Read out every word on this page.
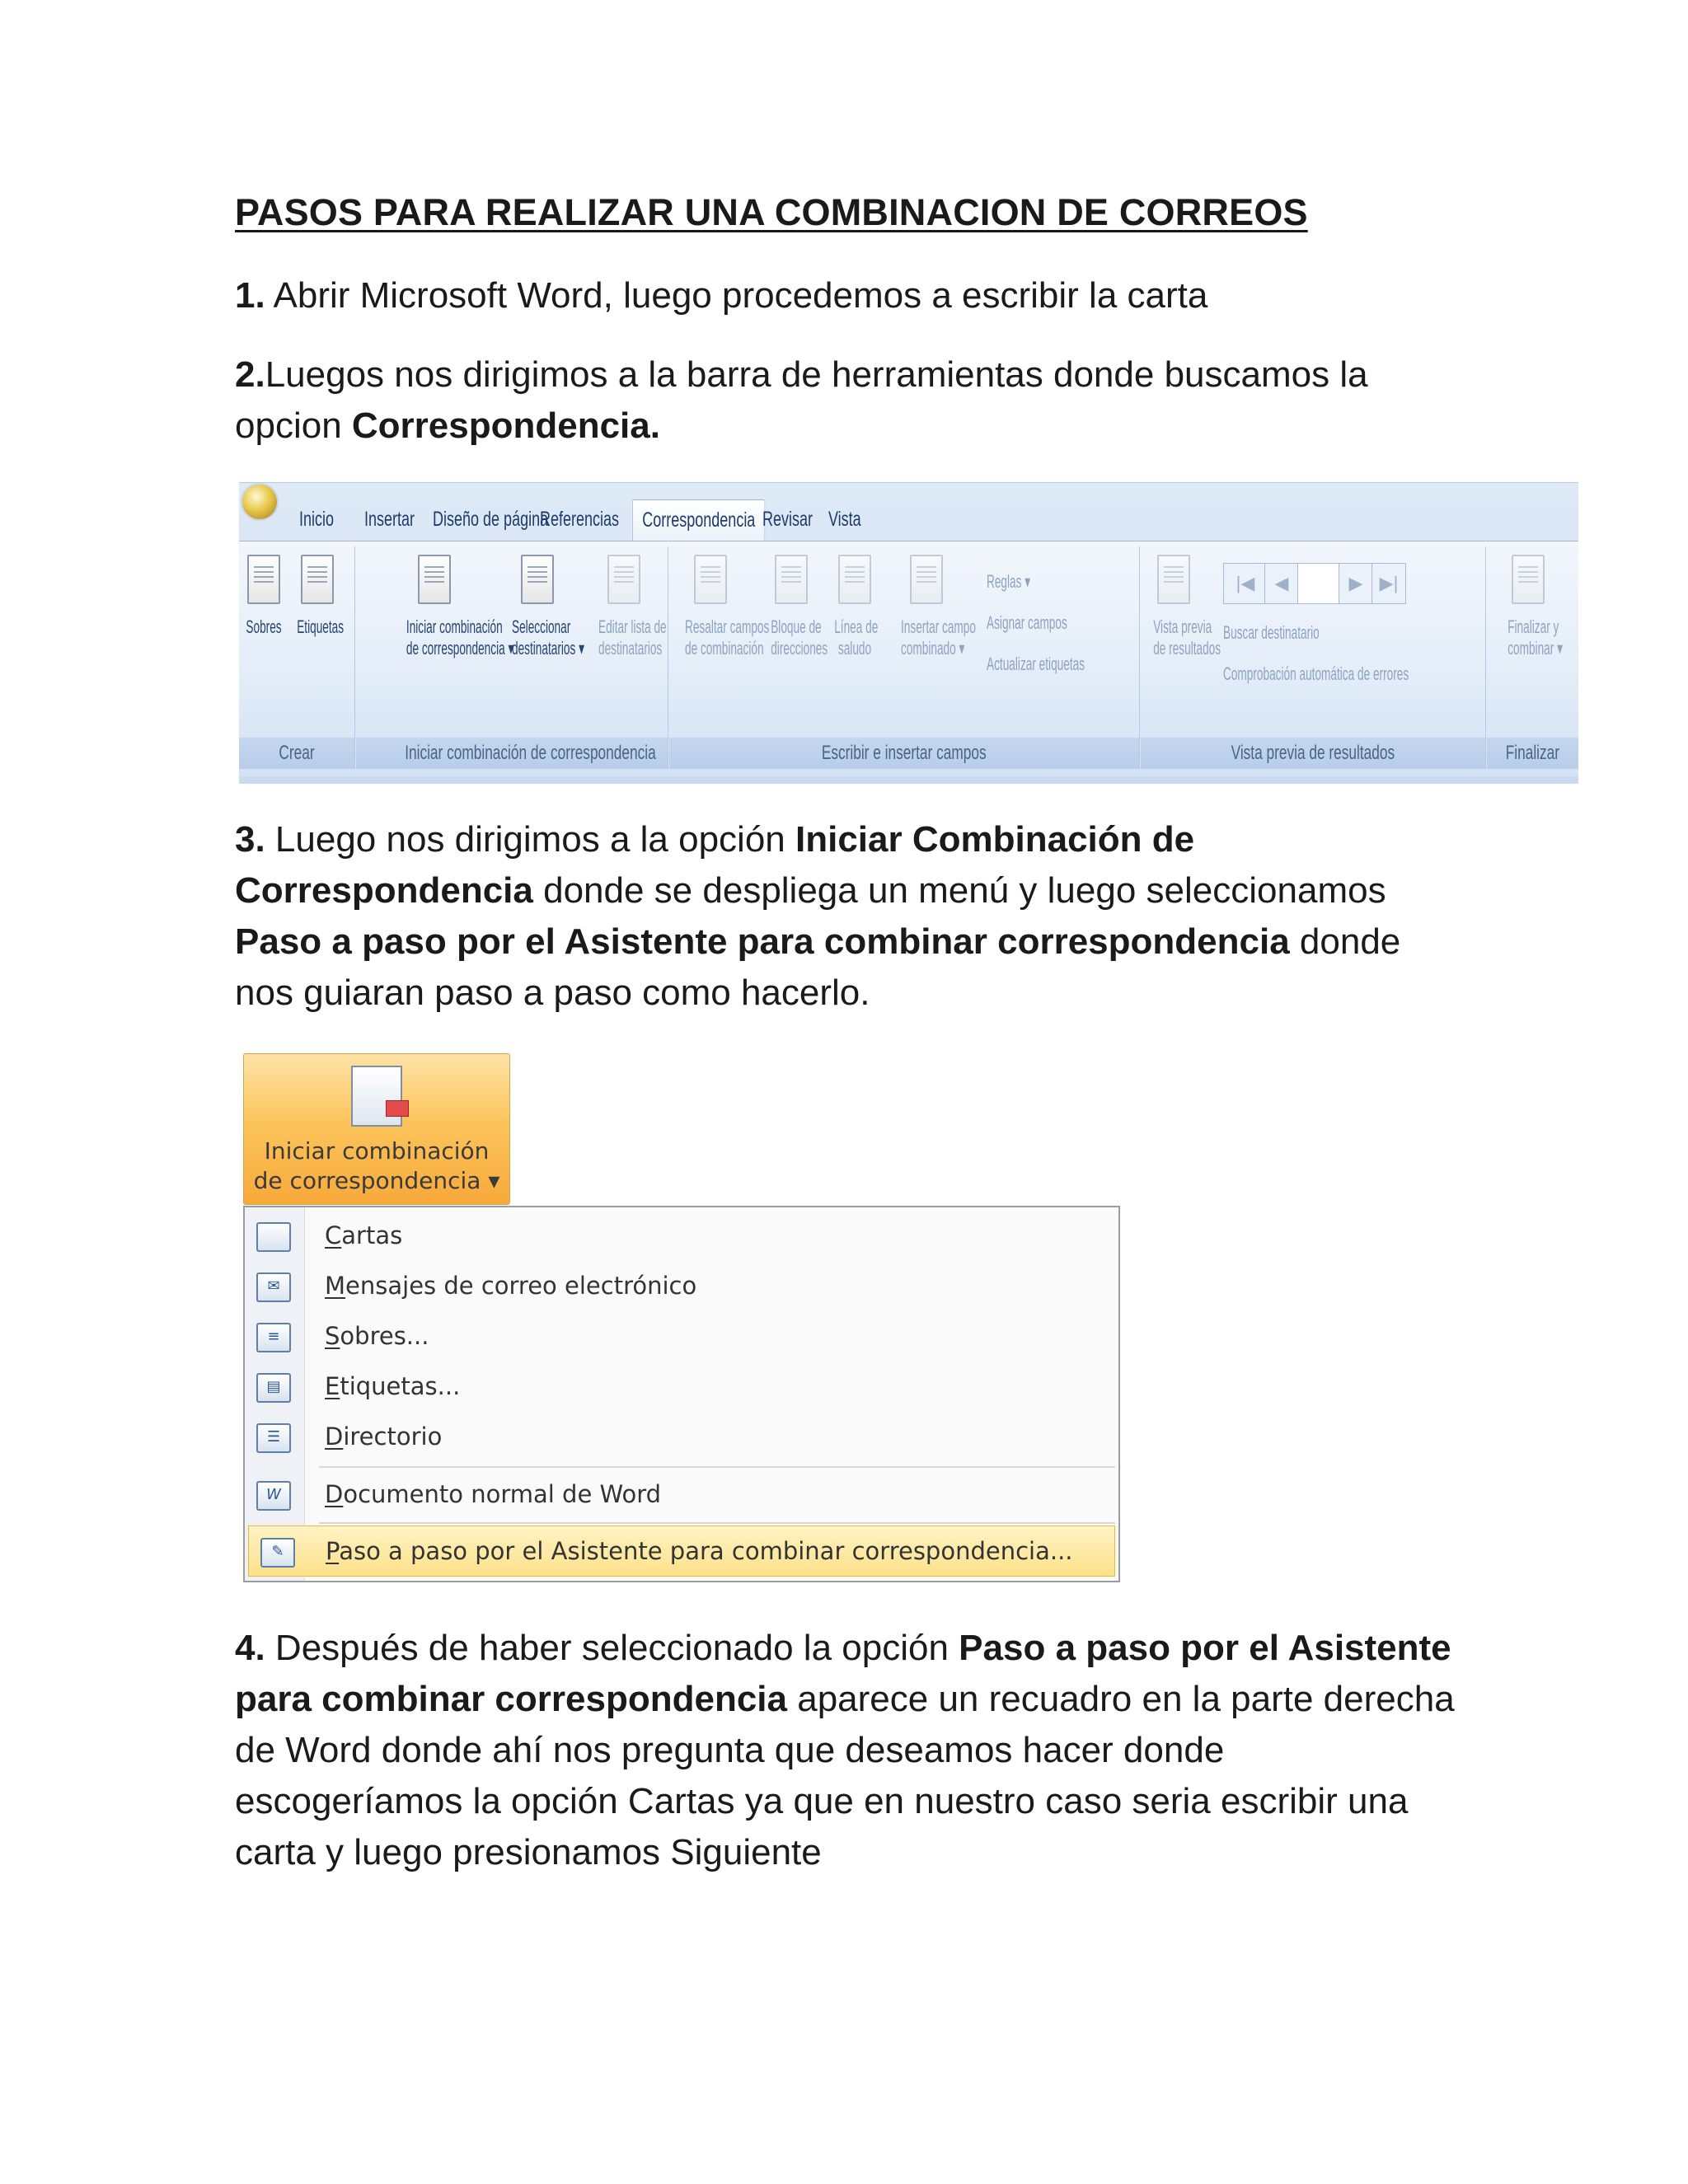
PASOS PARA REALIZAR UNA COMBINACION DE CORREOS

1. Abrir Microsoft Word, luego procedemos a escribir la carta

2.Luegos nos dirigimos a la barra de herramientas donde buscamos la opcion Correspondencia.

Inicio Insertar Diseño de página
Referencias	Correspondencia Revisar Vista
Sobres Etiquetas
Crear
Iniciar combinación
de correspondencia ▾
Seleccionar
destinatarios ▾
Editar lista de
destinatarios
Iniciar combinación de correspondencia
Resaltar campos
de combinación
Bloque de
direcciones
Línea de
saludo
Insertar campo
combinado ▾
Reglas ▾
Asignar campos
Actualizar etiquetas
Escribir e insertar campos
Vista previa
de resultados
|◀	◀	▶ ▶|
Buscar destinatario
Comprobación automática de errores
Vista previa de resultados
Finalizar y
combinar ▾
Finalizar

3. Luego nos dirigimos a la opción Iniciar Combinación de Correspondencia donde se despliega un menú y luego seleccionamos Paso a paso por el Asistente para combinar correspondencia donde nos guiaran paso a paso como hacerlo.

Iniciar combinación
de correspondencia ▾
Cartas
✉	Mensajes de correo electrónico
≡	Sobres...
▤	Etiquetas...
☰	Directorio
W	Documento normal de Word
✎	Paso a paso por el Asistente para combinar correspondencia...

4. Después de haber seleccionado la opción Paso a paso por el Asistente para combinar correspondencia aparece un recuadro en la parte derecha de Word donde ahí nos pregunta que deseamos hacer donde escogeríamos la opción Cartas ya que en nuestro caso seria escribir una carta y luego presionamos Siguiente
